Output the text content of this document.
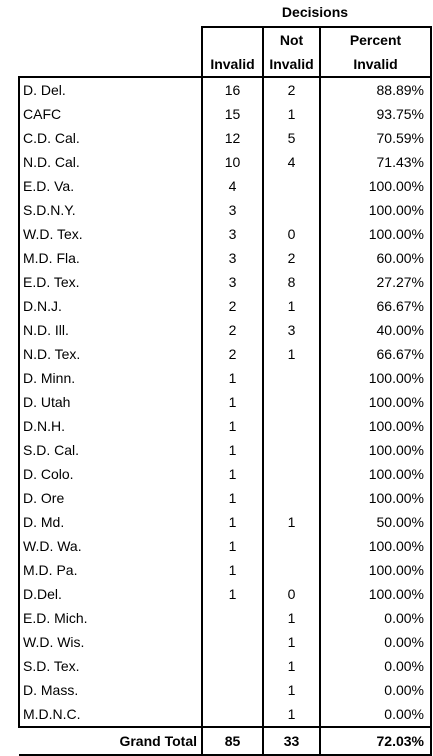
Decisions
		Not	Percent
	Invalid	Invalid	Invalid
D. Del.	16	2	88.89%
CAFC	15	1	93.75%
C.D. Cal.	12	5	70.59%
N.D. Cal.	10	4	71.43%
E.D. Va.	4		100.00%
S.D.N.Y.	3		100.00%
W.D. Tex.	3	0	100.00%
M.D. Fla.	3	2	60.00%
E.D. Tex.	3	8	27.27%
D.N.J.	2	1	66.67%
N.D. Ill.	2	3	40.00%
N.D. Tex.	2	1	66.67%
D. Minn.	1		100.00%
D. Utah	1		100.00%
D.N.H.	1		100.00%
S.D. Cal.	1		100.00%
D. Colo.	1		100.00%
D. Ore	1		100.00%
D. Md.	1	1	50.00%
W.D. Wa.	1		100.00%
M.D. Pa.	1		100.00%
D.Del.	1	0	100.00%
E.D. Mich.		1	0.00%
W.D. Wis.		1	0.00%
S.D. Tex.		1	0.00%
D. Mass.		1	0.00%
M.D.N.C.		1	0.00%
Grand Total	85	33	72.03%
